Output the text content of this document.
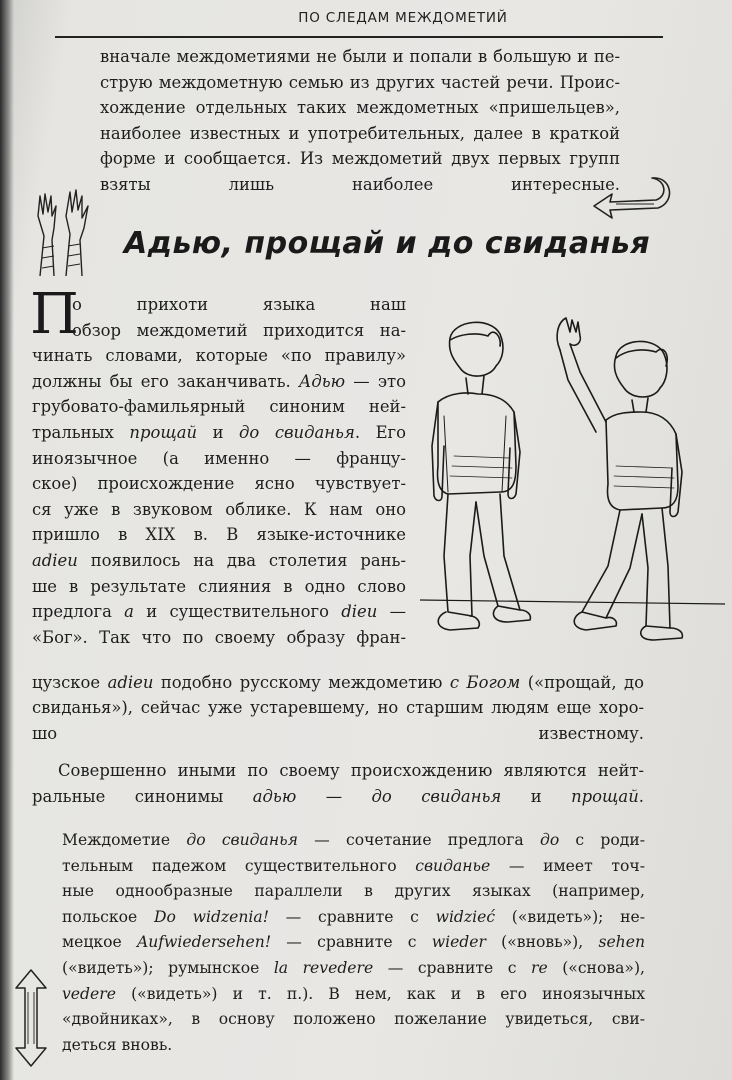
ПО СЛЕДАМ МЕЖДОМЕТИЙ
вначале междометиями не были и попали в большую и пе-
струю междометную семью из других частей речи. Проис-
хождение отдельных таких междометных «пришельцев»,
наиболее известных и употребительных, далее в краткой
форме и сообщается. Из междометий двух первых групп
взяты лишь наиболее интересные.
Адью, прощай и до свиданья
П
о прихоти языка наш
обзор междометий приходится на-
чинать словами, которые «по правилу»
должны бы его заканчивать. Адью — это
грубовато-фамильярный синоним ней-
тральных прощай и до свиданья. Его
иноязычное (а именно — францу-
ское) происхождение ясно чувствует-
ся уже в звуковом облике. К нам оно
пришло в XIX в. В языке-источнике
adieu появилось на два столетия рань-
ше в результате слияния в одно слово
предлога a и существительного dieu —
«Бог». Так что по своему образу фран-
цузское adieu подобно русскому междометию с Богом («прощай, до
свиданья»), сейчас уже устаревшему, но старшим людям еще хоро-
шо известному.
Совершенно иными по своему происхождению являются нейт-
ральные синонимы адью — до свиданья и прощай.
Междометие до свиданья — сочетание предлога до с роди-
тельным падежом существительного свиданье — имеет точ-
ные однообразные параллели в других языках (например,
польское Do widzenia! — сравните с widzieć («видеть»); не-
мецкое Aufwiedersehen! — сравните с wieder («вновь»), sehen
(«видеть»); румынское la revedere — сравните с re («снова»),
vedere («видеть») и т. п.). В нем, как и в его иноязычных
«двойниках», в основу положено пожелание увидеться, сви-
деться вновь.
